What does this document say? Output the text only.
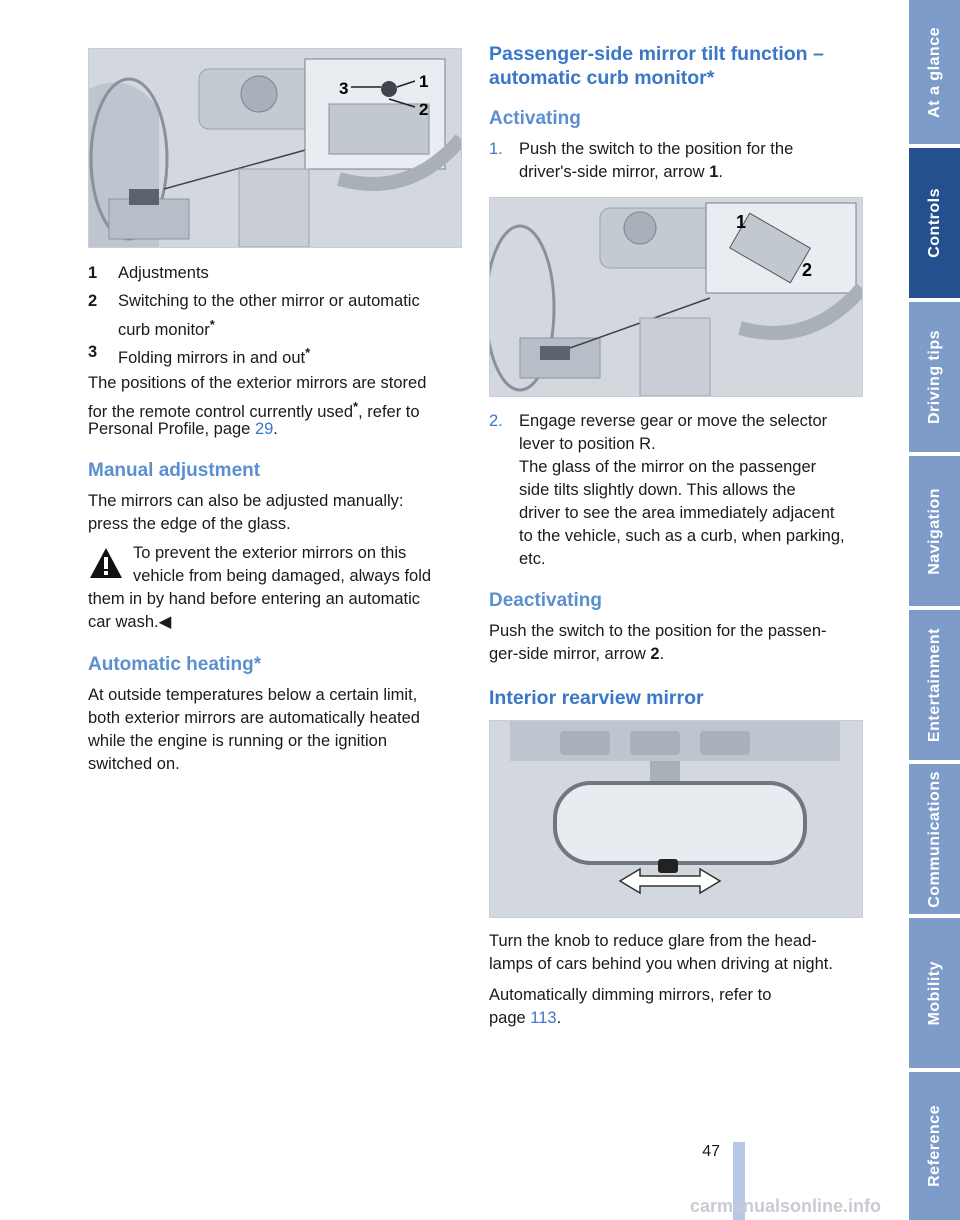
3	1
2
1 Adjustments
2 Switching to the other mirror or automatic
curb monitor*
3 Folding mirrors in and out*

The positions of the exterior mirrors are stored

for the remote control currently used*, refer to

Personal Profile, page 29.

Manual adjustment

The mirrors can also be adjusted manually:

press the edge of the glass.

To prevent the exterior mirrors on this

vehicle from being damaged, always fold

them in by hand before entering an automatic

car wash.◀

Automatic heating*

At outside temperatures below a certain limit,

both exterior mirrors are automatically heated

while the engine is running or the ignition

switched on.

Passenger-side mirror tilt function –
automatic curb monitor*
Activating
1. Push the switch to the position for the
driver's-side mirror, arrow 1.
1
2
2. Engage reverse gear or move the selector
lever to position R.
The glass of the mirror on the passenger
side tilts slightly down. This allows the
driver to see the area immediately adjacent
to the vehicle, such as a curb, when parking,
etc.
Deactivating

Push the switch to the position for the passen-

ger-side mirror, arrow 2.

Interior rearview mirror

Turn the knob to reduce glare from the head-

lamps of cars behind you when driving at night.

Automatically dimming mirrors, refer to

page 113.

At a glance
Controls
Driving tips
Navigation
Entertainment
Communications
Mobility
Reference
47
carmanualsonline.info
